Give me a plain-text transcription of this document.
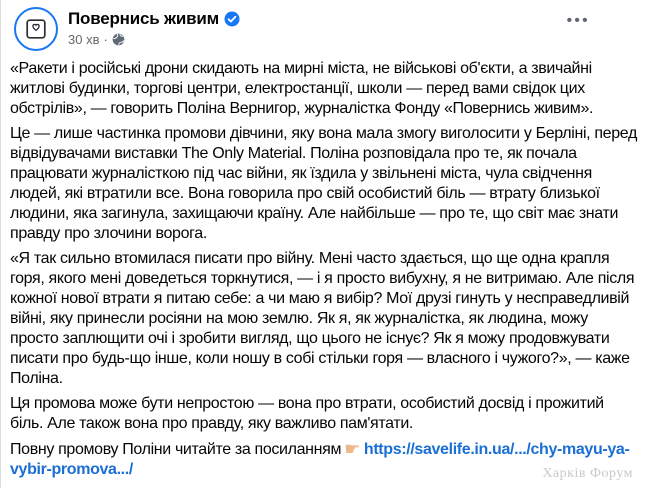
Повернись живим
30 хв ·
•••
«Ракети і російські дрони скидають на мирні міста, не військові об'єкти, а звичайні
житлові будинки, торгові центри, електростанції, школи — перед вами свідок цих
обстрілів», — говорить Поліна Вернигор, журналістка Фонду «Повернись живим».
Це — лише частинка промови дівчини, яку вона мала змогу виголосити у Берліні, перед
відвідувачами виставки The Only Material. Поліна розповідала про те, як почала
працювати журналісткою під час війни, як їздила у звільнені міста, чула свідчення
людей, які втратили все. Вона говорила про свій особистий біль — втрату близької
людини, яка загинула, захищаючи країну. Але найбільше — про те, що світ має знати
правду про злочини ворога.
«Я так сильно втомилася писати про війну. Мені часто здається, що ще одна крапля
горя, якого мені доведеться торкнутися, — і я просто вибухну, я не витримаю. Але після
кожної нової втрати я питаю себе: а чи маю я вибір? Мої друзі гинуть у несправедливій
війні, яку принесли росіяни на мою землю. Як я, як журналістка, як людина, можу
просто заплющити очі і зробити вигляд, що цього не існує? Як я можу продовжувати
писати про будь-що інше, коли ношу в собі стільки горя — власного і чужого?», — каже
Поліна.
Ця промова може бути непростою — вона про втрати, особистий досвід і прожитий
біль. Але також вона про правду, яку важливо пам'ятати.
Повну промову Поліни читайте за посиланням ☛ https://savelife.in.ua/.../chy-mayu-ya-
vybir-promova.../	Харків Форум
